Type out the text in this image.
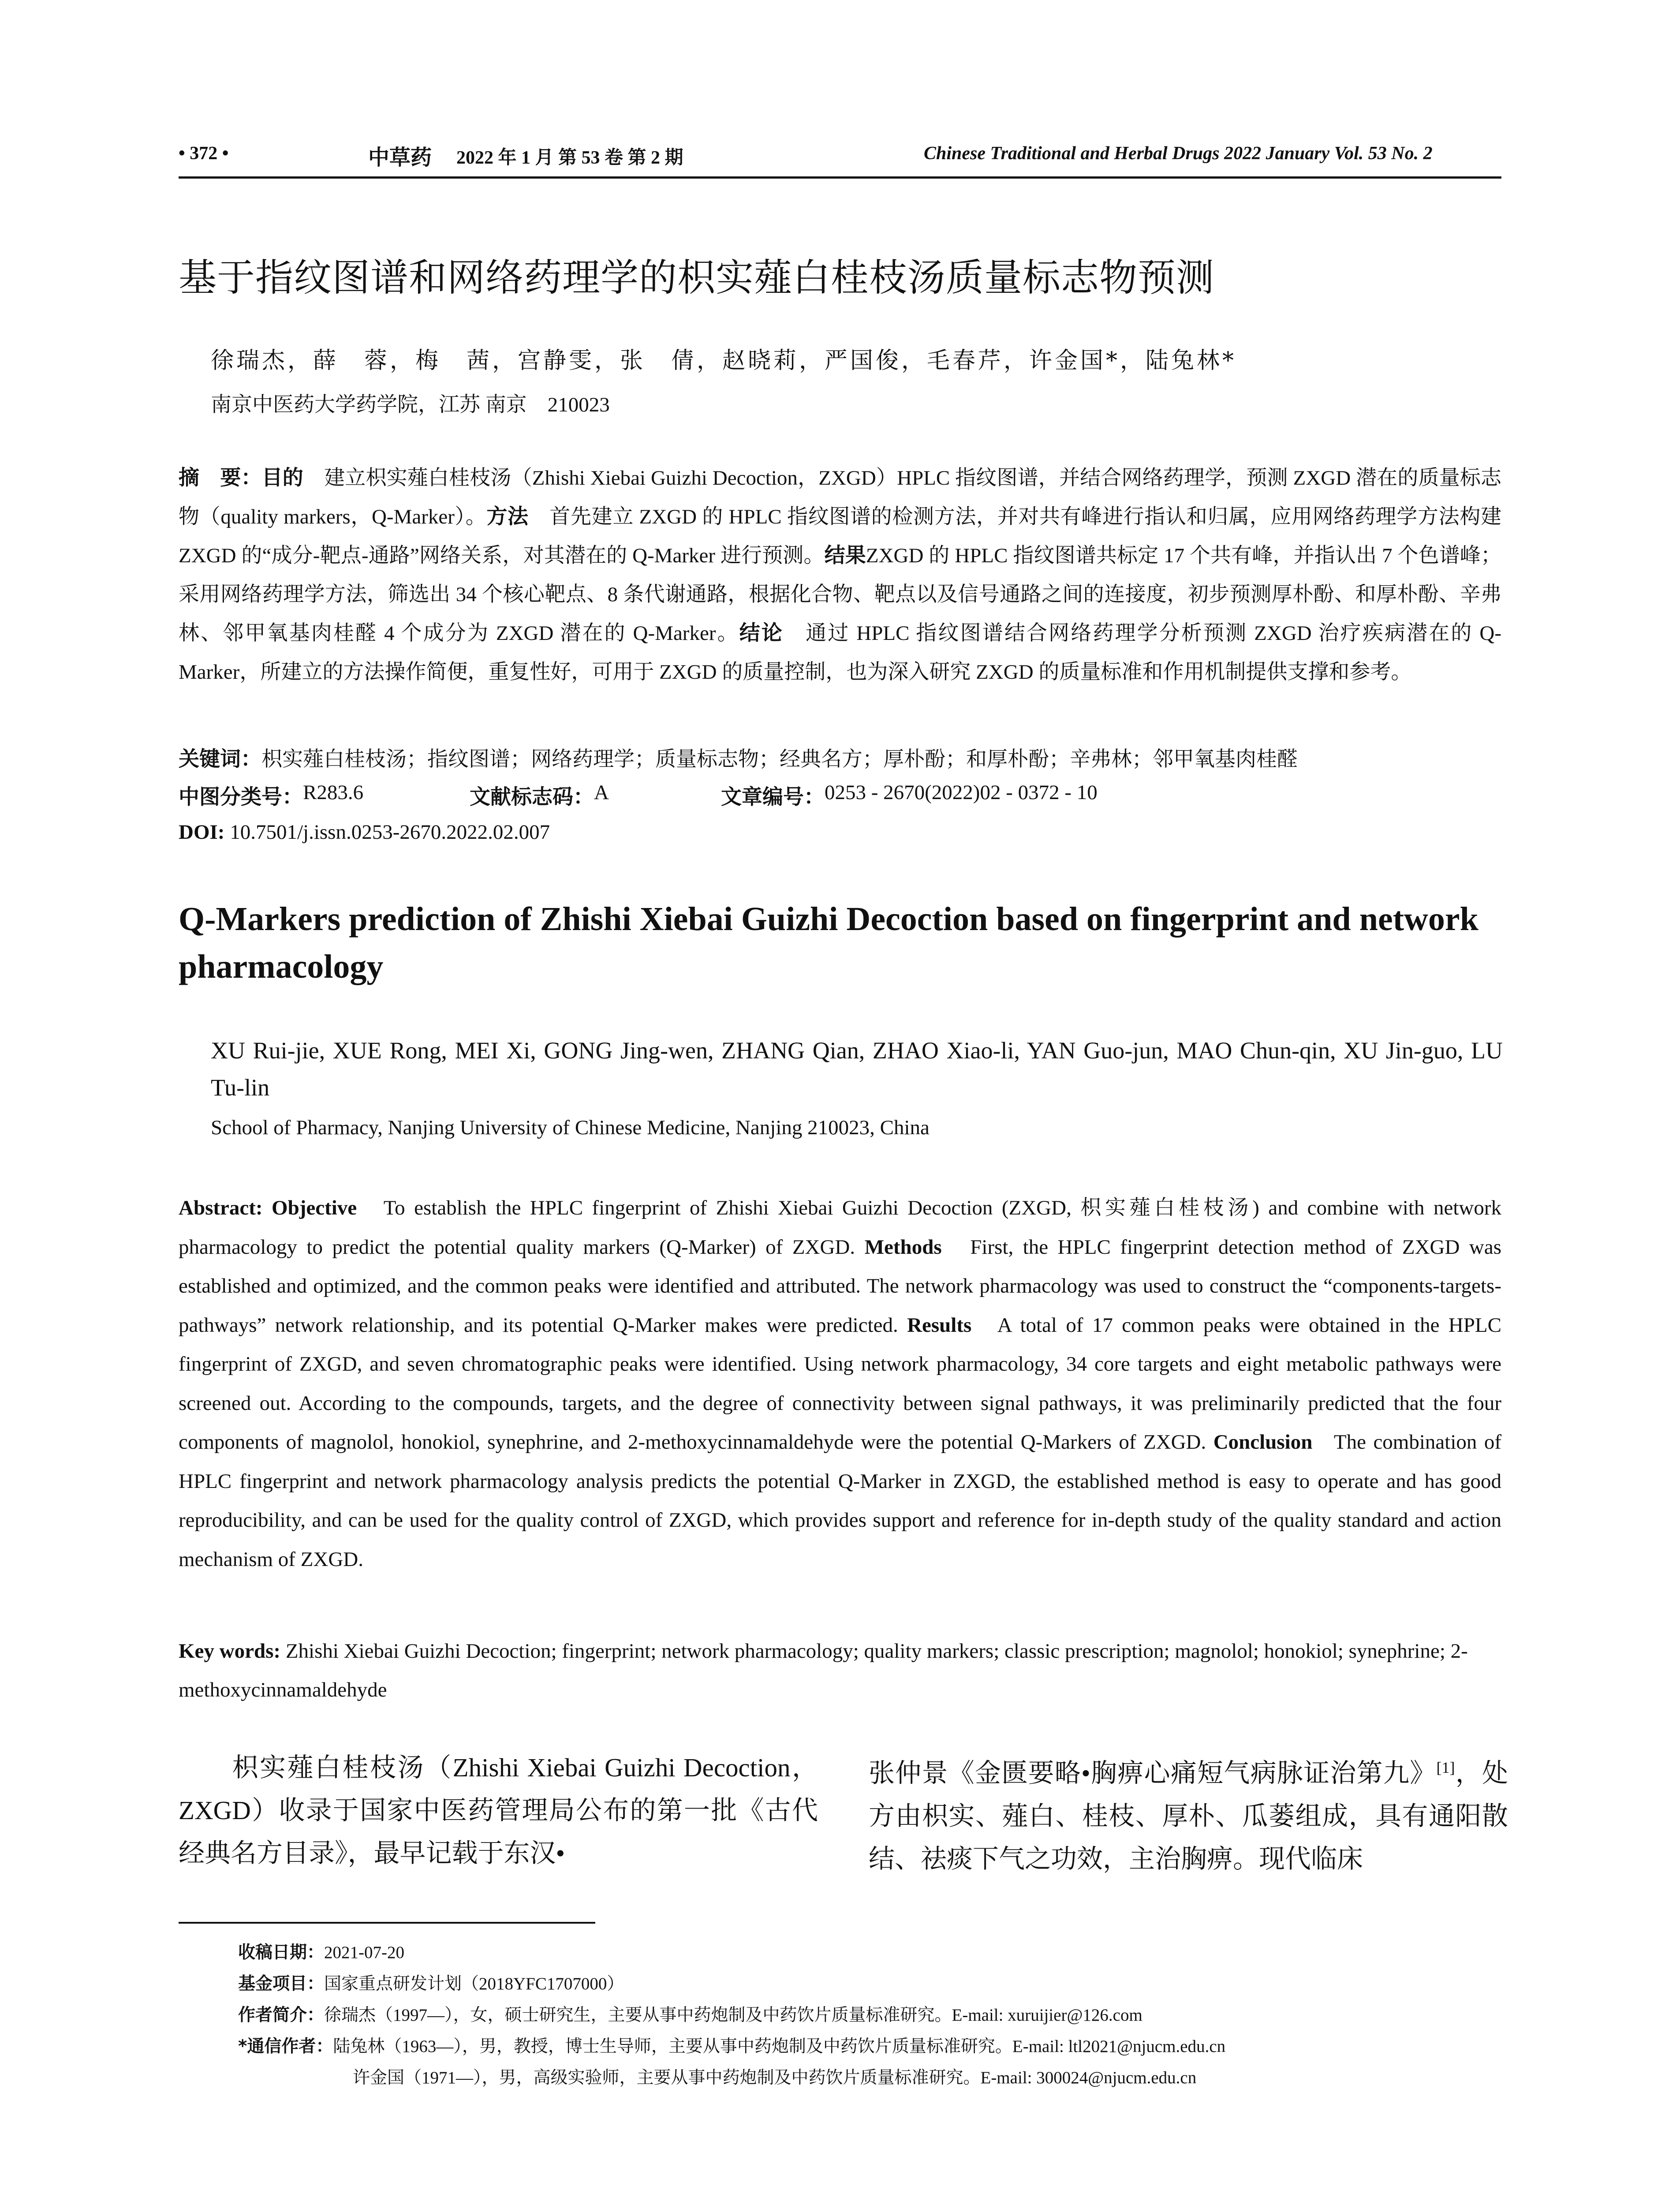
• 372 •	中草药 2022 年 1 月 第 53 卷 第 2 期	Chinese Traditional and Herbal Drugs 2022 January Vol. 53 No. 2
基于指纹图谱和网络药理学的枳实薤白桂枝汤质量标志物预测
徐瑞杰，薛　蓉，梅　茜，宫静雯，张　倩，赵晓莉，严国俊，毛春芹，许金国*，陆兔林*
南京中医药大学药学院，江苏 南京　210023
摘　要：目的　 建立枳实薤白桂枝汤（Zhishi Xiebai Guizhi Decoction，ZXGD）HPLC 指纹图谱，并结合网络药理学，预测 ZXGD 潜在的质量标志物（quality markers，Q-Marker）。方法　 首先建立 ZXGD 的 HPLC 指纹图谱的检测方法，并对共有峰进行指认和归属，应用网络药理学方法构建 ZXGD 的“成分-靶点-通路”网络关系，对其潜在的 Q-Marker 进行预测。结果ZXGD 的 HPLC 指纹图谱共标定 17 个共有峰，并指认出 7 个色谱峰；采用网络药理学方法，筛选出 34 个核心靶点、8 条代谢通路，根据化合物、靶点以及信号通路之间的连接度，初步预测厚朴酚、和厚朴酚、辛弗林、邻甲氧基肉桂醛 4 个成分为 ZXGD 潜在的 Q-Marker。结论　 通过 HPLC 指纹图谱结合网络药理学分析预测 ZXGD 治疗疾病潜在的 Q-Marker，所建立的方法操作简便，重复性好，可用于 ZXGD 的质量控制，也为深入研究 ZXGD 的质量标准和作用机制提供支撑和参考。
关键词：枳实薤白桂枝汤；指纹图谱；网络药理学；质量标志物；经典名方；厚朴酚；和厚朴酚；辛弗林；邻甲氧基肉桂醛
中图分类号： R283.6	文献标志码： A	文章编号： 0253 - 2670(2022)02 - 0372 - 10
DOI: 10.7501/j.issn.0253-2670.2022.02.007
Q-Markers prediction of Zhishi Xiebai Guizhi Decoction based on fingerprint and network pharmacology
XU Rui-jie, XUE Rong, MEI Xi, GONG Jing-wen, ZHANG Qian, ZHAO Xiao-li, YAN Guo-jun, MAO Chun-qin, XU Jin-guo, LU Tu-lin
School of Pharmacy, Nanjing University of Chinese Medicine, Nanjing 210023, China
Abstract: Objective To establish the HPLC fingerprint of Zhishi Xiebai Guizhi Decoction (ZXGD, 枳实薤白桂枝汤) and combine with network pharmacology to predict the potential quality markers (Q-Marker) of ZXGD. Methods First, the HPLC fingerprint detection method of ZXGD was established and optimized, and the common peaks were identified and attributed. The network pharmacology was used to construct the “components-targets-pathways” network relationship, and its potential Q-Marker makes were predicted. Results A total of 17 common peaks were obtained in the HPLC fingerprint of ZXGD, and seven chromatographic peaks were identified. Using network pharmacology, 34 core targets and eight metabolic pathways were screened out. According to the compounds, targets, and the degree of connectivity between signal pathways, it was preliminarily predicted that the four components of magnolol, honokiol, synephrine, and 2-methoxycinnamaldehyde were the potential Q-Markers of ZXGD. Conclusion The combination of HPLC fingerprint and network pharmacology analysis predicts the potential Q-Marker in ZXGD, the established method is easy to operate and has good reproducibility, and can be used for the quality control of ZXGD, which provides support and reference for in-depth study of the quality standard and action mechanism of ZXGD.
Key words: Zhishi Xiebai Guizhi Decoction; fingerprint; network pharmacology; quality markers; classic prescription; magnolol; honokiol; synephrine; 2-methoxycinnamaldehyde
枳实薤白桂枝汤（Zhishi Xiebai Guizhi Decoction，ZXGD）收录于国家中医药管理局公布的第一批《古代经典名方目录》，最早记载于东汉•
张仲景《金匮要略•胸痹心痛短气病脉证治第九》[1]，处方由枳实、薤白、桂枝、厚朴、瓜蒌组成，具有通阳散结、祛痰下气之功效，主治胸痹。现代临床
收稿日期：2021-07-20
基金项目：国家重点研发计划（2018YFC1707000）
作者简介：徐瑞杰（1997—），女，硕士研究生，主要从事中药炮制及中药饮片质量标准研究。E-mail: xuruijier@126.com
*通信作者：陆兔林（1963—），男，教授，博士生导师，主要从事中药炮制及中药饮片质量标准研究。E-mail: ltl2021@njucm.edu.cn
许金国（1971—），男，高级实验师，主要从事中药炮制及中药饮片质量标准研究。E-mail: 300024@njucm.edu.cn
